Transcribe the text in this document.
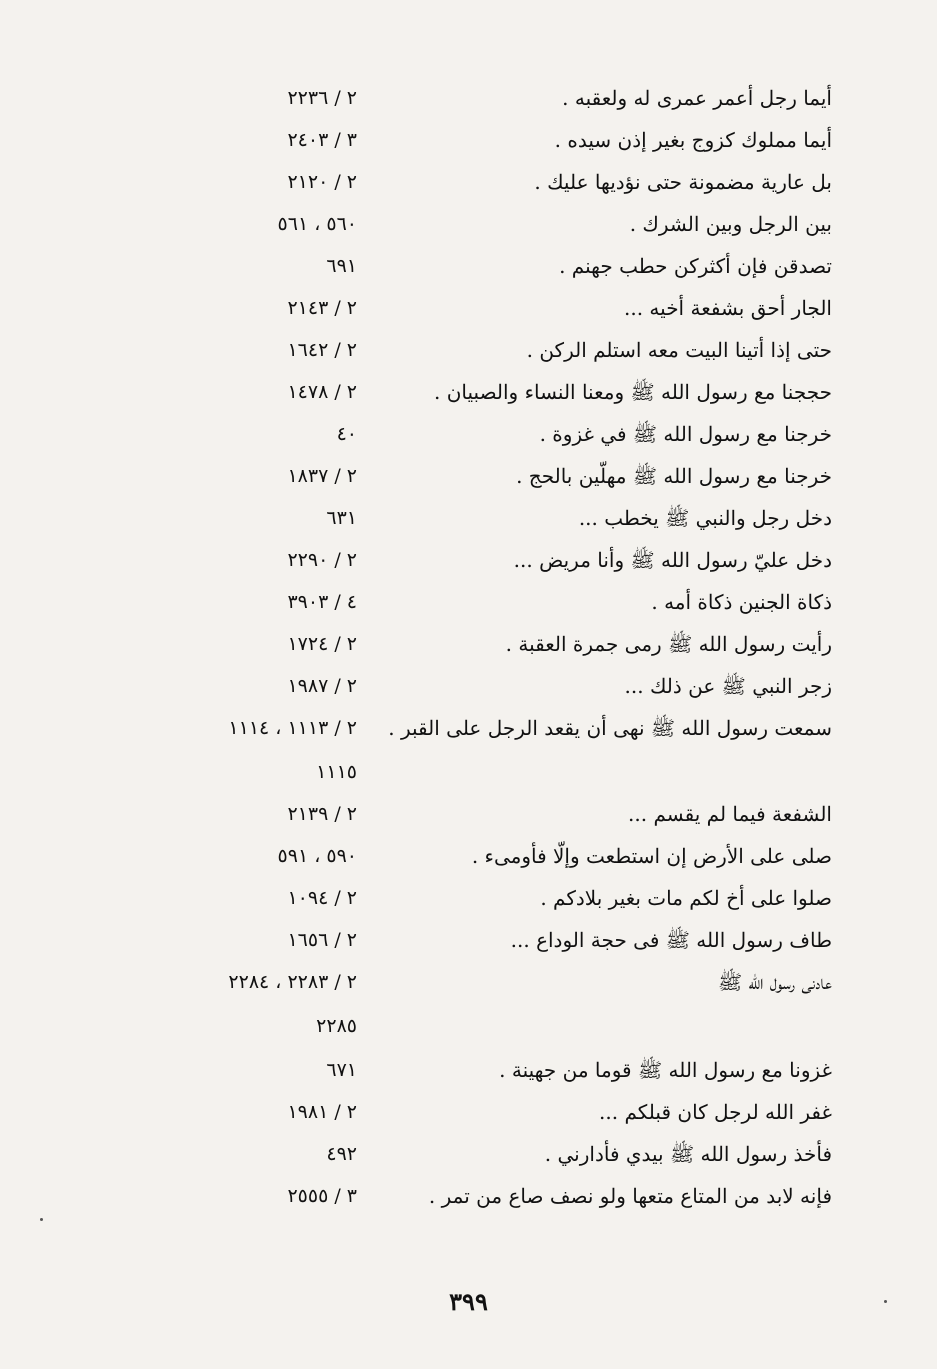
أيما رجل أعمر عمرى له ولعقبه .
٢ / ٢٢٣٦
أيما مملوك كزوج بغير إذن سيده .
٣ / ٢٤٠٣
بل عارية مضمونة حتى نؤديها عليك .
٢ / ٢١٢٠
بين الرجل وبين الشرك .
٥٦٠ ، ٥٦١
تصدقن فإن أكثركن حطب جهنم .
٦٩١
الجار أحق بشفعة أخيه ...
٢ / ٢١٤٣
حتى إذا أتينا البيت معه استلم الركن .
٢ / ١٦٤٢
حججنا مع رسول الله ﷺ ومعنا النساء والصبيان .
٢ / ١٤٧٨
خرجنا مع رسول الله ﷺ في غزوة .
٤٠
خرجنا مع رسول الله ﷺ مهلّين بالحج .
٢ / ١٨٣٧
دخل رجل والنبي ﷺ يخطب ...
٦٣١
دخل عليّ رسول الله ﷺ وأنا مريض ...
٢ / ٢٢٩٠
ذكاة الجنين ذكاة أمه .
٤ / ٣٩٠٣
رأيت رسول الله ﷺ رمى جمرة العقبة .
٢ / ١٧٢٤
زجر النبي ﷺ عن ذلك ...
٢ / ١٩٨٧
سمعت رسول الله ﷺ نهى أن يقعد الرجل على القبر .
٢ / ١١١٣ ، ١١١٤
١١١٥
الشفعة فيما لم يقسم ...
٢ / ٢١٣٩
صلى على الأرض إن استطعت وإلّا فأومىء .
٥٩٠ ، ٥٩١
صلوا على أخ لكم مات بغير بلادكم .
٢ / ١٠٩٤
طاف رسول الله ﷺ فى حجة الوداع ...
٢ / ١٦٥٦
عادنى رسول الله ﷺ
٢ / ٢٢٨٣ ، ٢٢٨٤
٢٢٨٥
غزونا مع رسول الله ﷺ قوما من جهينة .
٦٧١
غفر الله لرجل كان قبلكم ...
٢ / ١٩٨١
فأخذ رسول الله ﷺ بيدي فأدارني .
٤٩٢
فإنه لابد من المتاع متعها ولو نصف صاع من تمر .
٣ / ٢٥٥٥
٣٩٩
